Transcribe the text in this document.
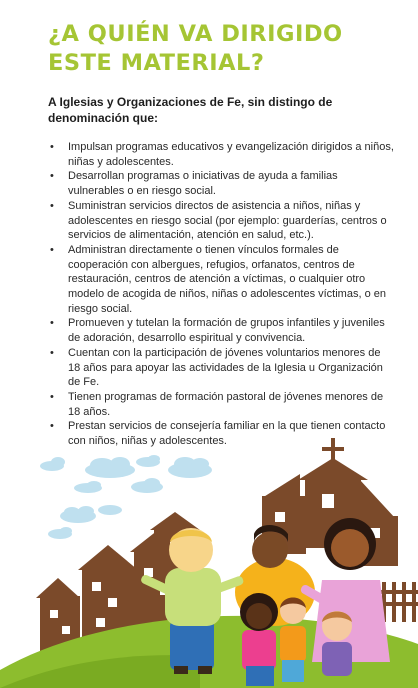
¿A QUIÉN VA DIRIGIDO
ESTE MATERIAL?

A Iglesias y Organizaciones de Fe, sin distingo de
denominación que:

• Impulsan programas educativos y evangelización dirigidos a niños,
niñas y adolescentes.
• Desarrollan programas o iniciativas de ayuda a familias
vulnerables o en riesgo social.
• Suministran servicios directos de asistencia a niños, niñas y
adolescentes en riesgo social (por ejemplo: guarderías, centros o
servicios de alimentación, atención en salud, etc.).
• Administran directamente o tienen vínculos formales de
cooperación con albergues, refugios, orfanatos, centros de
restauración, centros de atención a víctimas, o cualquier otro
modelo de acogida de niños, niñas o adolescentes víctimas, o en
riesgo social.
• Promueven y tutelan la formación de grupos infantiles y juveniles
de adoración, desarrollo espiritual y convivencia.
• Cuentan con la participación de jóvenes voluntarios menores de
18 años para apoyar las actividades de la Iglesia u Organización
de Fe.
• Tienen programas de formación pastoral de jóvenes menores de
18 años.
• Prestan servicios de consejería familiar en la que tienen contacto
con niños, niñas y adolescentes.
